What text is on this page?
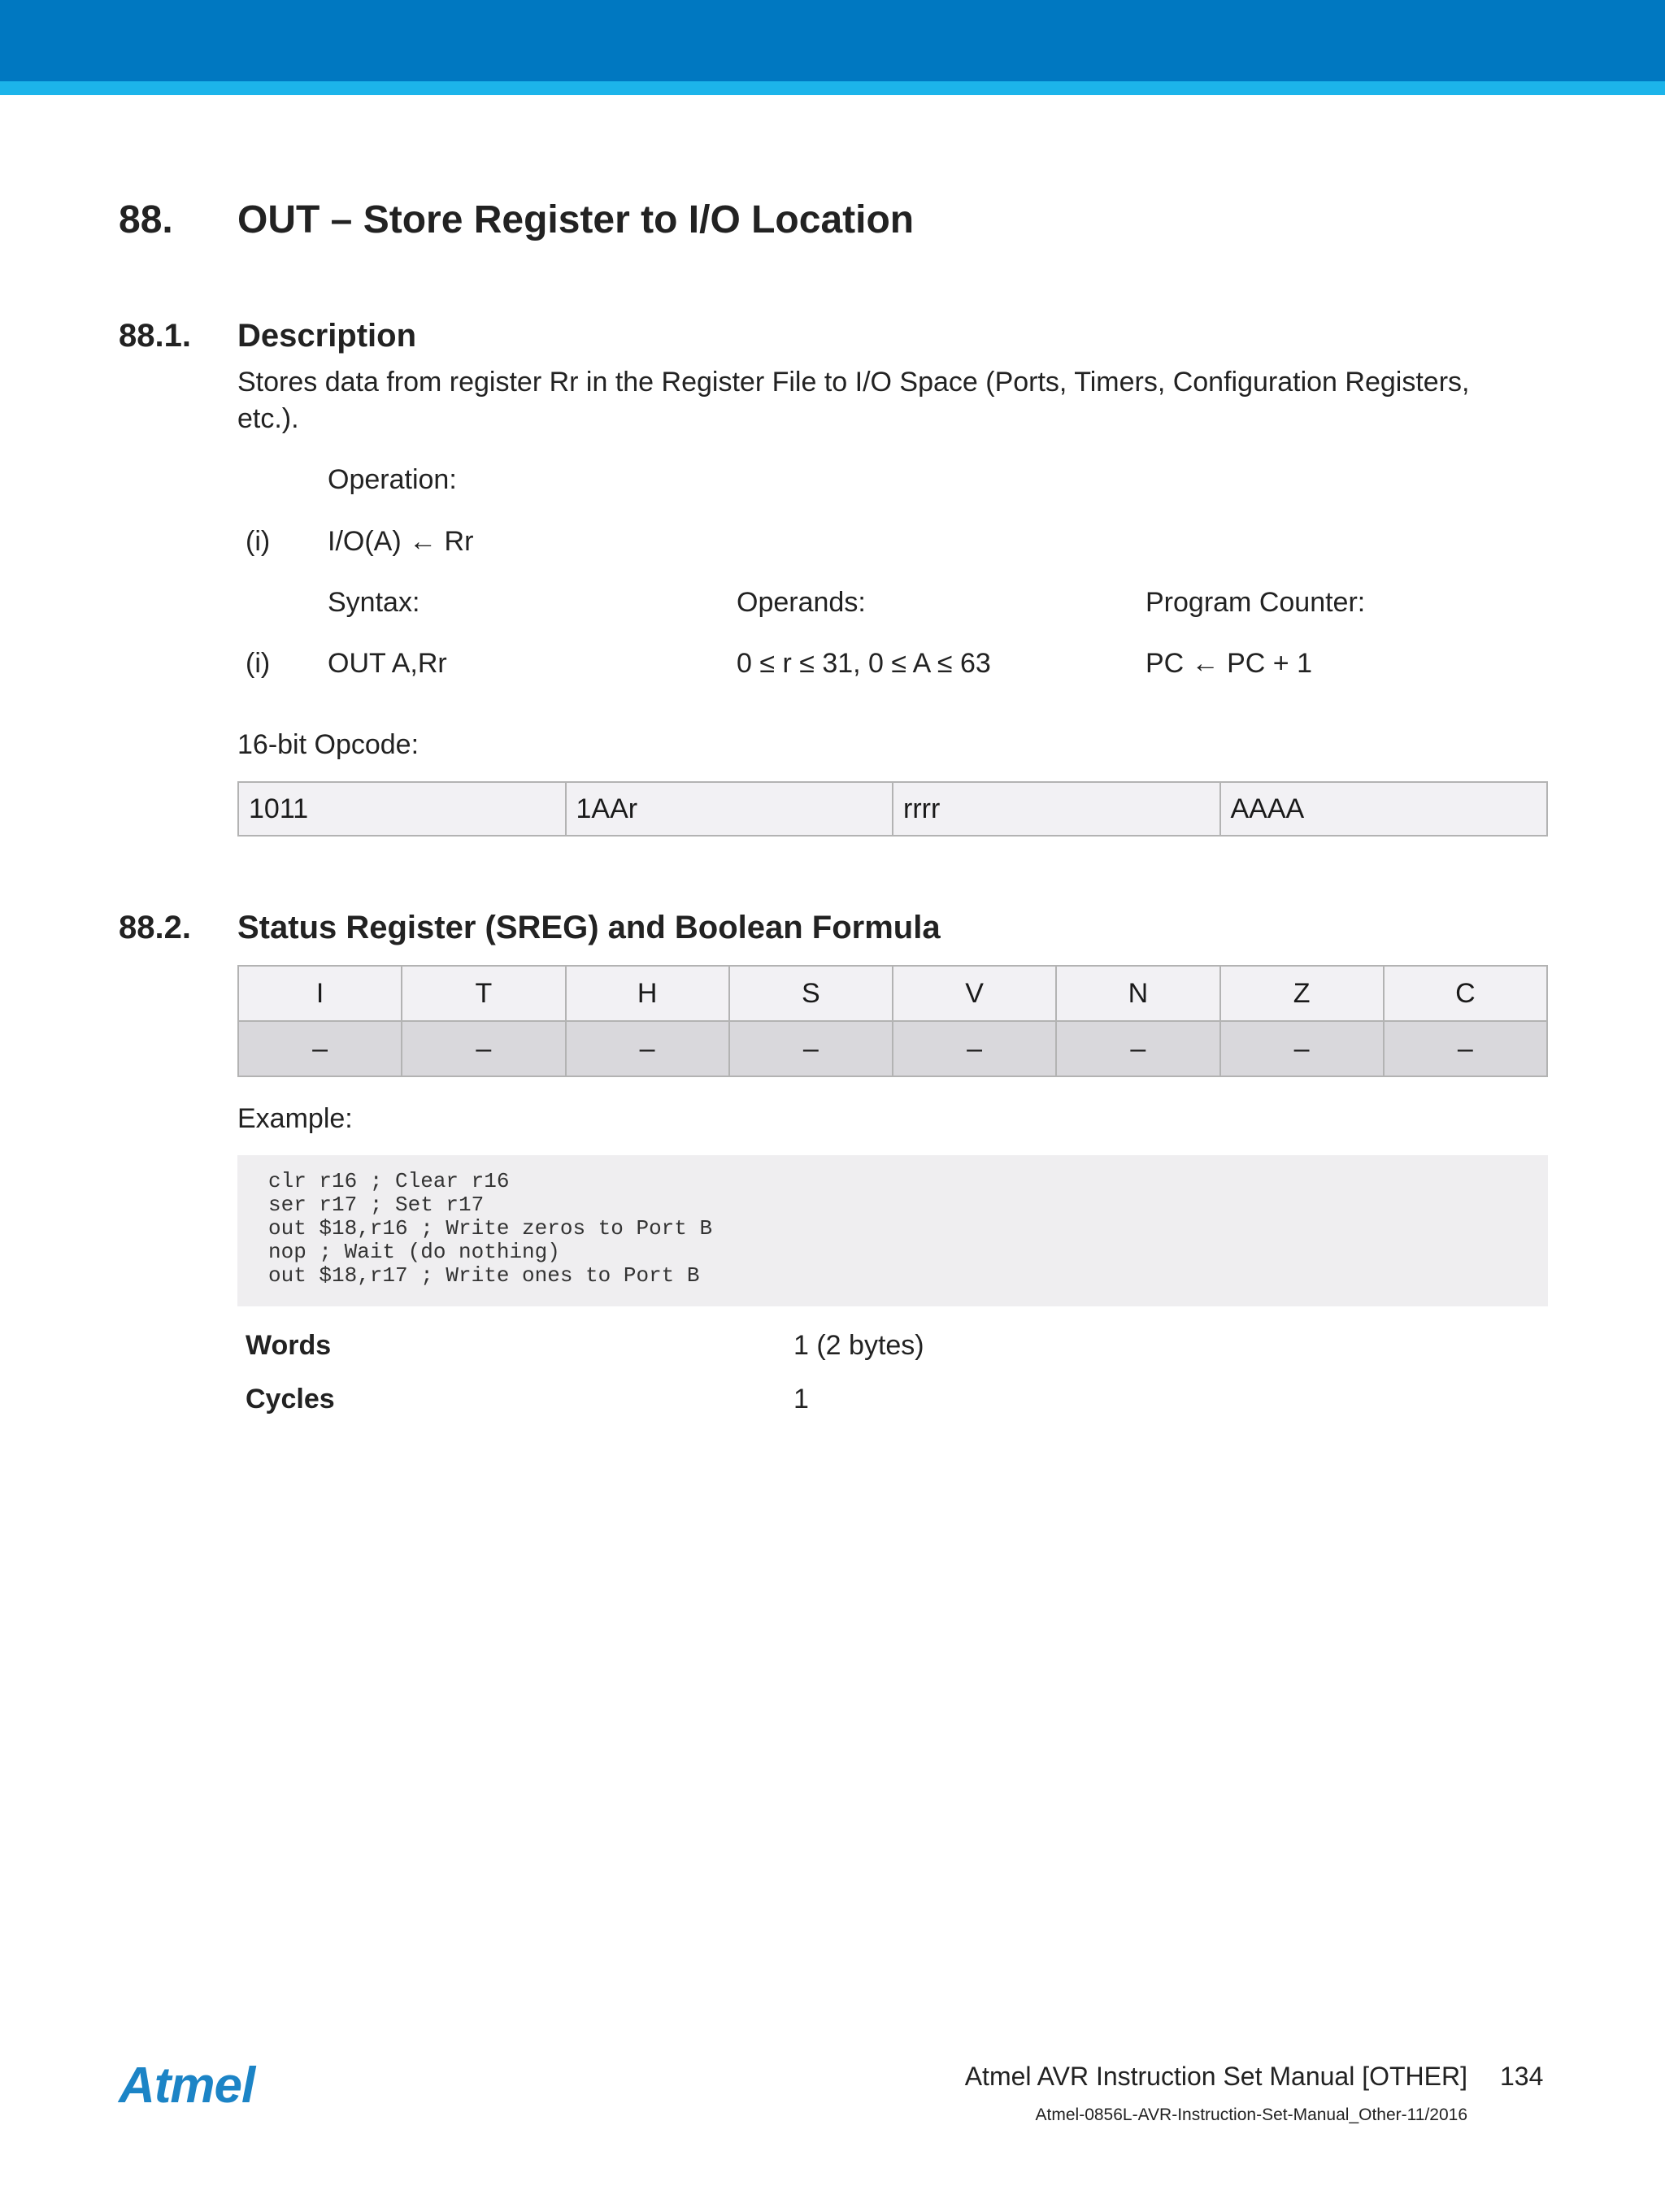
88. OUT – Store Register to I/O Location
88.1. Description
Stores data from register Rr in the Register File to I/O Space (Ports, Timers, Configuration Registers,
etc.).
Operation:
(i) I/O(A) ← Rr
Syntax:	Operands:	Program Counter:
(i) OUT A,Rr	0 ≤ r ≤ 31, 0 ≤ A ≤ 63	PC ← PC + 1
16-bit Opcode:
1011	1AAr	rrrr	AAAA
88.2. Status Register (SREG) and Boolean Formula
I	T	H	S	V	N	Z	C
–	–	–	–	–	–	–	–
Example:
clr r16 ; Clear r16
ser r17 ; Set r17
out $18,r16 ; Write zeros to Port B
nop ; Wait (do nothing)
out $18,r17 ; Write ones to Port B
Words	1 (2 bytes)
Cycles	1
Atmel	Atmel AVR Instruction Set Manual [OTHER] 134
Atmel-0856L-AVR-Instruction-Set-Manual_Other-11/2016
